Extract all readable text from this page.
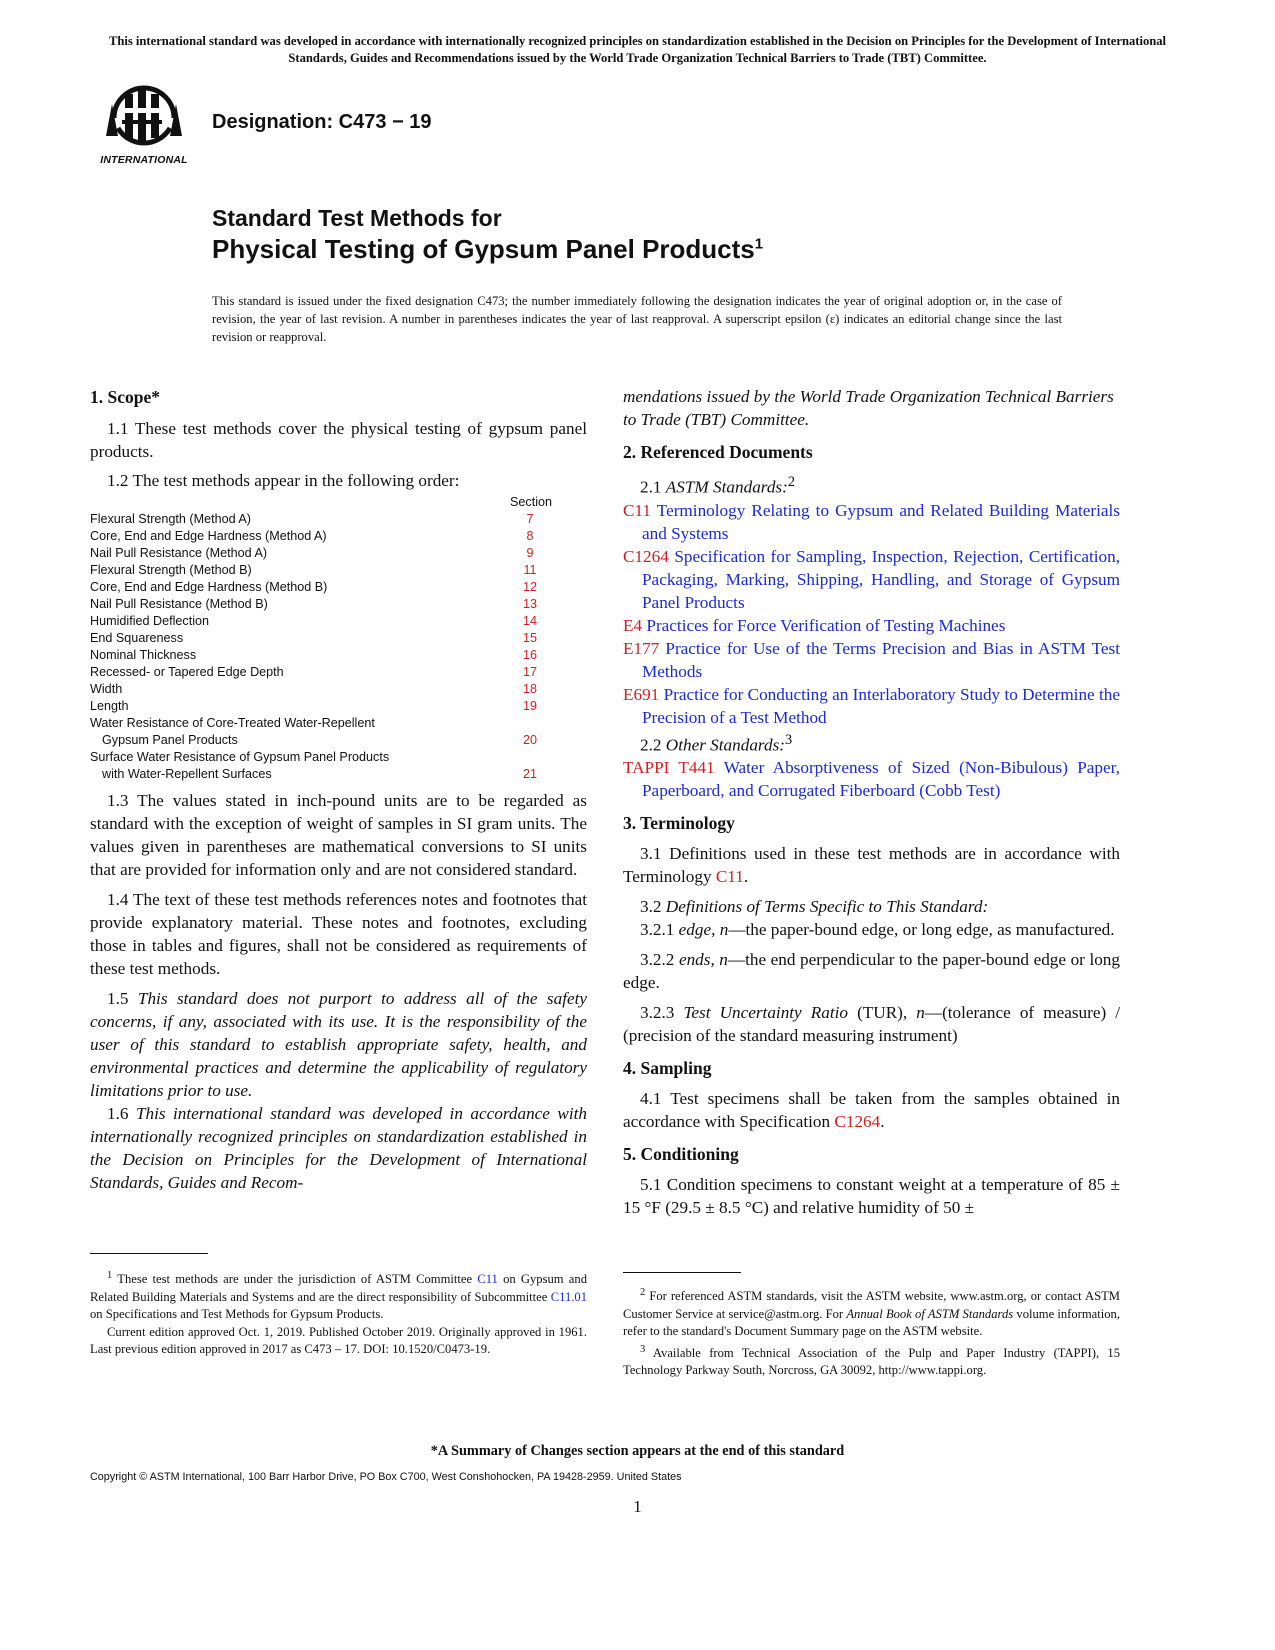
This international standard was developed in accordance with internationally recognized principles on standardization established in the Decision on Principles for the Development of International Standards, Guides and Recommendations issued by the World Trade Organization Technical Barriers to Trade (TBT) Committee.
INTERNATIONAL
Designation: C473 − 19
Standard Test Methods for
Physical Testing of Gypsum Panel Products$^1$
This standard is issued under the fixed designation C473; the number immediately following the designation indicates the year of original adoption or, in the case of revision, the year of last revision. A number in parentheses indicates the year of last reapproval. A superscript epsilon (ε) indicates an editorial change since the last revision or reapproval.
1. Scope*

1.1 These test methods cover the physical testing of gypsum panel products.

1.2 The test methods appear in the following order:

Section
Flexural Strength (Method A)	7
Core, End and Edge Hardness (Method A)	8
Nail Pull Resistance (Method A)	9
Flexural Strength (Method B)	11
Core, End and Edge Hardness (Method B)	12
Nail Pull Resistance (Method B)	13
Humidified Deflection	14
End Squareness	15
Nominal Thickness	16
Recessed- or Tapered Edge Depth	17
Width	18
Length	19
Water Resistance of Core-Treated Water-Repellent
Gypsum Panel Products	20
Surface Water Resistance of Gypsum Panel Products
with Water-Repellent Surfaces	21

1.3 The values stated in inch-pound units are to be regarded as standard with the exception of weight of samples in SI gram units. The values given in parentheses are mathematical conversions to SI units that are provided for information only and are not considered standard.

1.4 The text of these test methods references notes and footnotes that provide explanatory material. These notes and footnotes, excluding those in tables and figures, shall not be considered as requirements of these test methods.

1.5 This standard does not purport to address all of the safety concerns, if any, associated with its use. It is the responsibility of the user of this standard to establish appropriate safety, health, and environmental practices and determine the applicability of regulatory limitations prior to use.

1.6 This international standard was developed in accordance with internationally recognized principles on standardization established in the Decision on Principles for the Development of International Standards, Guides and Recom-

$^1$ These test methods are under the jurisdiction of ASTM Committee C11 on Gypsum and Related Building Materials and Systems and are the direct responsibility of Subcommittee C11.01 on Specifications and Test Methods for Gypsum Products.

Current edition approved Oct. 1, 2019. Published October 2019. Originally approved in 1961. Last previous edition approved in 2017 as C473 – 17. DOI: 10.1520/C0473-19.

mendations issued by the World Trade Organization Technical Barriers to Trade (TBT) Committee.

2. Referenced Documents

2.1 ASTM Standards:$^2$

C11 Terminology Relating to Gypsum and Related Building Materials and Systems

C1264 Specification for Sampling, Inspection, Rejection, Certification, Packaging, Marking, Shipping, Handling, and Storage of Gypsum Panel Products

E4 Practices for Force Verification of Testing Machines

E177 Practice for Use of the Terms Precision and Bias in ASTM Test Methods

E691 Practice for Conducting an Interlaboratory Study to Determine the Precision of a Test Method

2.2 Other Standards:$^3$

TAPPI T441 Water Absorptiveness of Sized (Non-Bibulous) Paper, Paperboard, and Corrugated Fiberboard (Cobb Test)

3. Terminology

3.1 Definitions used in these test methods are in accordance with Terminology C11.

3.2 Definitions of Terms Specific to This Standard:

3.2.1 edge, n—the paper-bound edge, or long edge, as manufactured.

3.2.2 ends, n—the end perpendicular to the paper-bound edge or long edge.

3.2.3 Test Uncertainty Ratio (TUR), n—(tolerance of measure) / (precision of the standard measuring instrument)

4. Sampling

4.1 Test specimens shall be taken from the samples obtained in accordance with Specification C1264.

5. Conditioning

5.1 Condition specimens to constant weight at a temperature of 85 ± 15 °F (29.5 ± 8.5 °C) and relative humidity of 50 ±

$^2$ For referenced ASTM standards, visit the ASTM website, www.astm.org, or contact ASTM Customer Service at service@astm.org. For Annual Book of ASTM Standards volume information, refer to the standard's Document Summary page on the ASTM website.

$^3$ Available from Technical Association of the Pulp and Paper Industry (TAPPI), 15 Technology Parkway South, Norcross, GA 30092, http://www.tappi.org.

*A Summary of Changes section appears at the end of this standard
Copyright © ASTM International, 100 Barr Harbor Drive, PO Box C700, West Conshohocken, PA 19428-2959. United States
1
